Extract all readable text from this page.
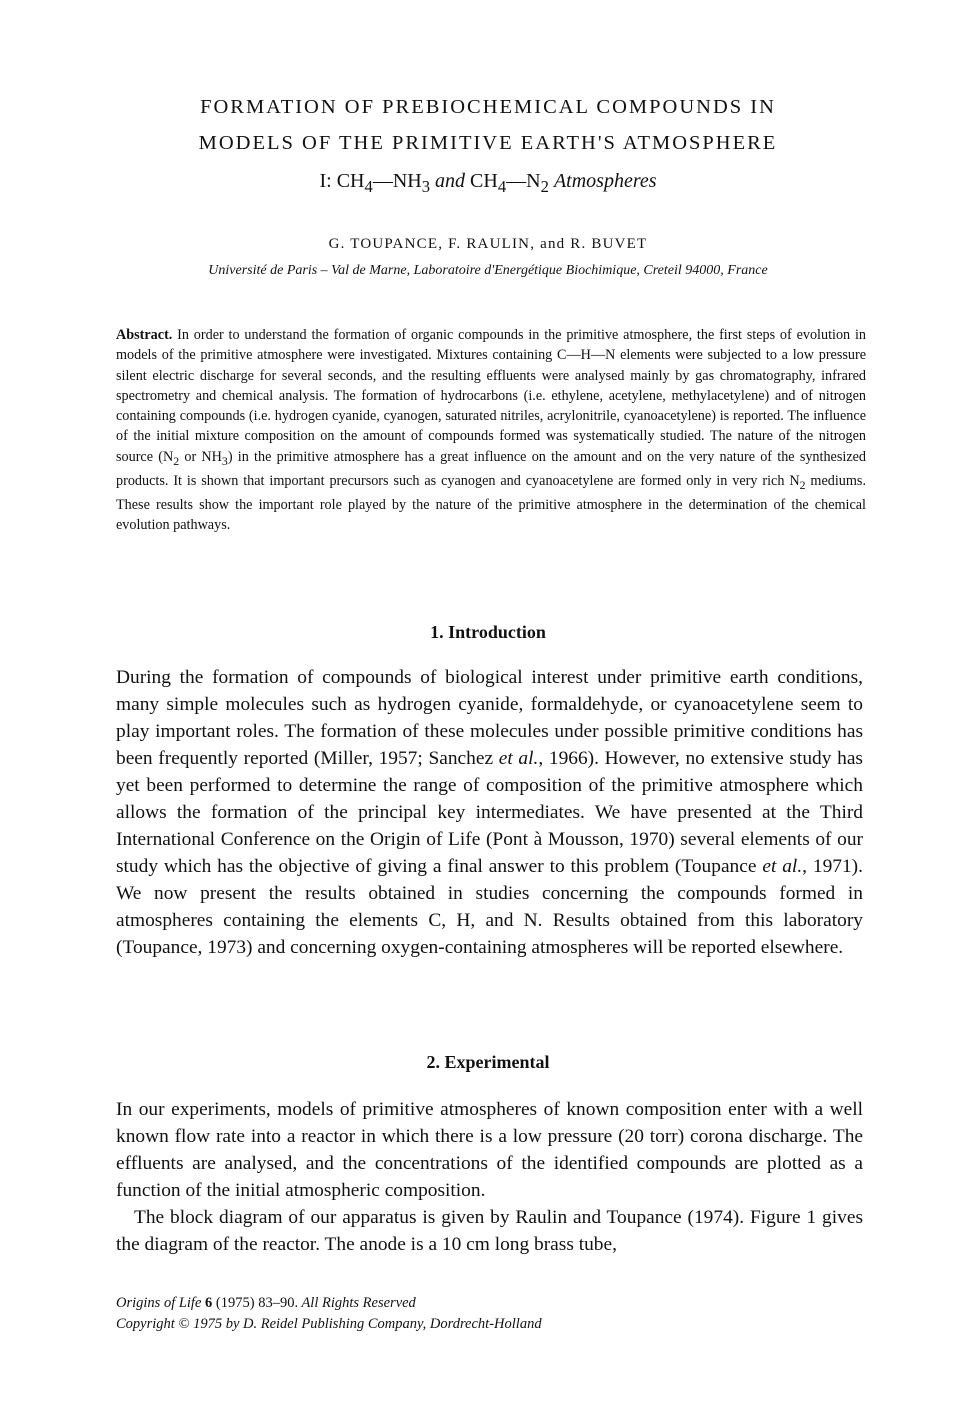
FORMATION OF PREBIOCHEMICAL COMPOUNDS IN
MODELS OF THE PRIMITIVE EARTH'S ATMOSPHERE
I: $CH_4—NH_3$ and $CH_4—N_2$ Atmospheres
G. TOUPANCE, F. RAULIN, and R. BUVET
Université de Paris – Val de Marne, Laboratoire d'Energétique Biochimique, Creteil 94000, France
Abstract. In order to understand the formation of organic compounds in the primitive atmosphere, the first steps of evolution in models of the primitive atmosphere were investigated. Mixtures containing C—H—N elements were subjected to a low pressure silent electric discharge for several seconds, and the resulting effluents were analysed mainly by gas chromatography, infrared spectrometry and chemical analysis. The formation of hydrocarbons (i.e. ethylene, acetylene, methylacetylene) and of nitrogen containing compounds (i.e. hydrogen cyanide, cyanogen, saturated nitriles, acrylonitrile, cyanoacetylene) is reported. The influence of the initial mixture composition on the amount of compounds formed was systematically studied. The nature of the nitrogen source ($N_2$ or $NH_3$) in the primitive atmosphere has a great influence on the amount and on the very nature of the synthesized products. It is shown that important precursors such as cyanogen and cyanoacetylene are formed only in very rich $N_2$ mediums. These results show the important role played by the nature of the primitive atmosphere in the determination of the chemical evolution pathways.
1. Introduction
During the formation of compounds of biological interest under primitive earth conditions, many simple molecules such as hydrogen cyanide, formaldehyde, or cyanoacetylene seem to play important roles. The formation of these molecules under possible primitive conditions has been frequently reported (Miller, 1957; Sanchez et al., 1966). However, no extensive study has yet been performed to determine the range of composition of the primitive atmosphere which allows the formation of the principal key intermediates. We have presented at the Third International Conference on the Origin of Life (Pont à Mousson, 1970) several elements of our study which has the objective of giving a final answer to this problem (Toupance et al., 1971). We now present the results obtained in studies concerning the compounds formed in atmospheres containing the elements C, H, and N. Results obtained from this laboratory (Toupance, 1973) and concerning oxygen-containing atmospheres will be reported elsewhere.
2. Experimental
In our experiments, models of primitive atmospheres of known composition enter with a well known flow rate into a reactor in which there is a low pressure (20 torr) corona discharge. The effluents are analysed, and the concentrations of the identified compounds are plotted as a function of the initial atmospheric composition.
The block diagram of our apparatus is given by Raulin and Toupance (1974). Figure 1 gives the diagram of the reactor. The anode is a 10 cm long brass tube,
Origins of Life 6 (1975) 83–90. All Rights Reserved
Copyright © 1975 by D. Reidel Publishing Company, Dordrecht-Holland
